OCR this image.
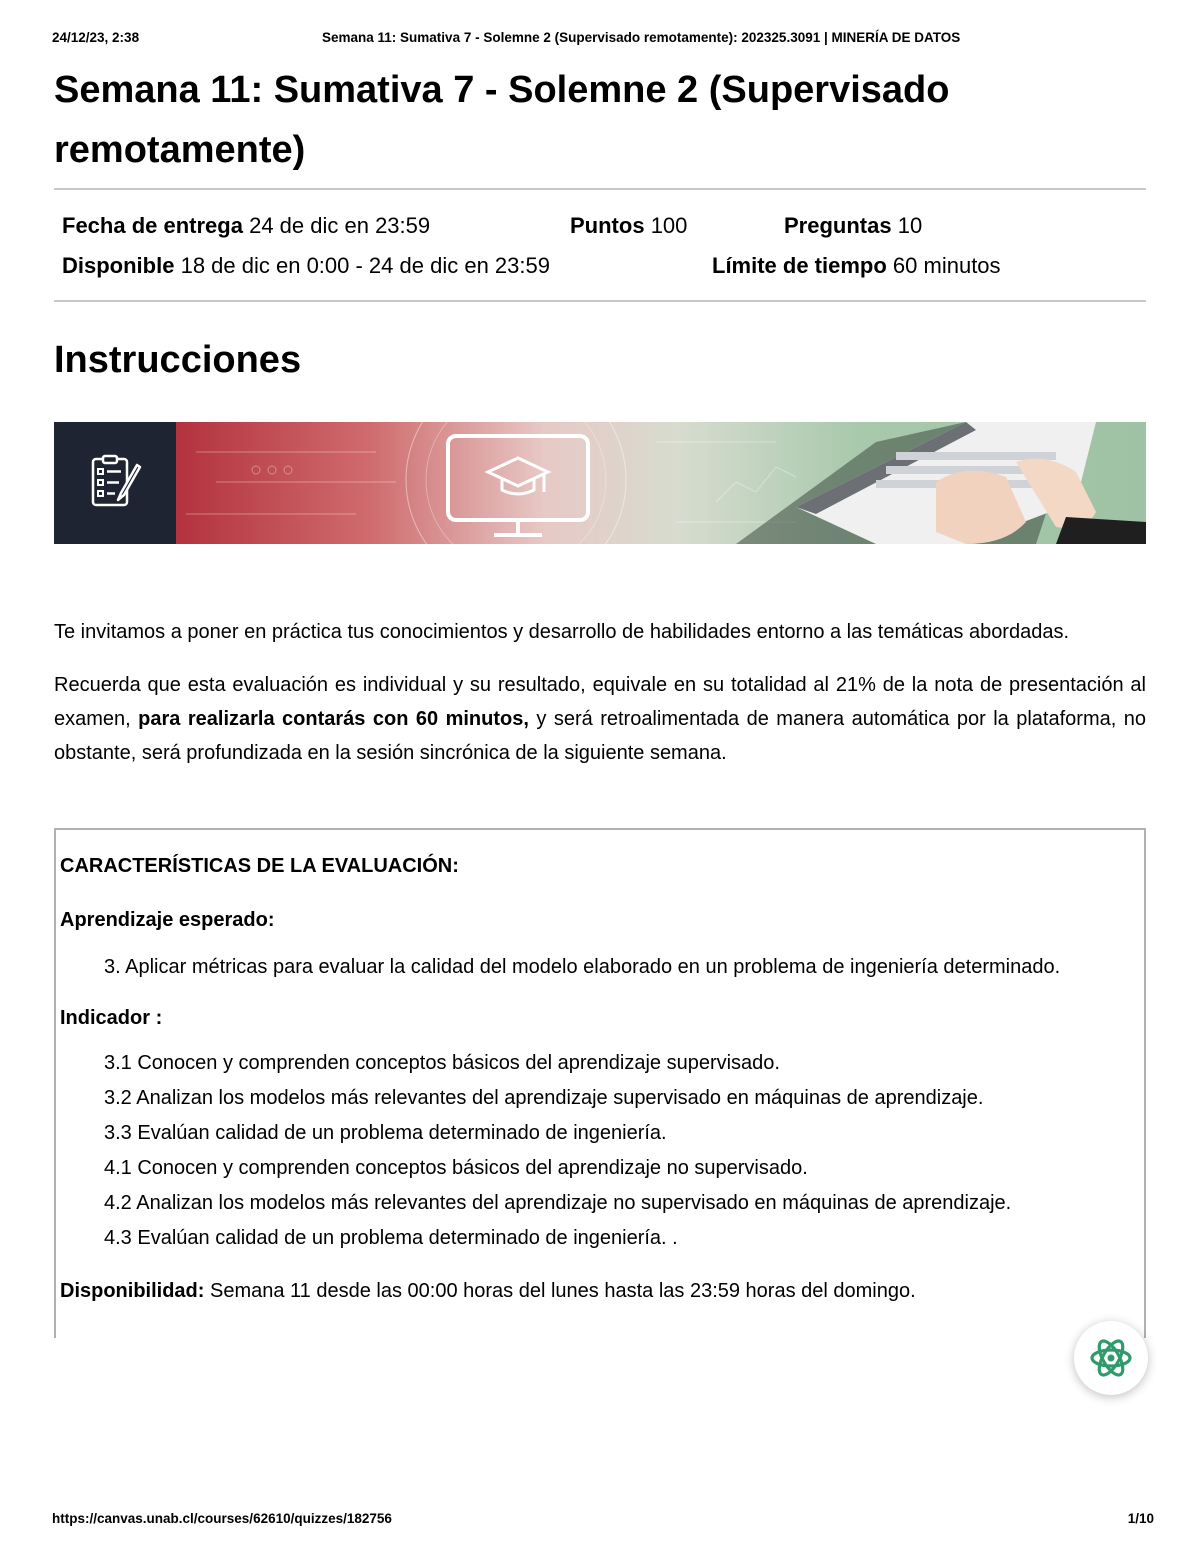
24/12/23, 2:38	Semana 11: Sumativa 7 - Solemne 2 (Supervisado remotamente): 202325.3091 | MINERÍA DE DATOS
Semana 11: Sumativa 7 - Solemne 2 (Supervisado remotamente)
Fecha de entrega 24 de dic en 23:59	Puntos 100	Preguntas 10
Disponible 18 de dic en 0:00 - 24 de dic en 23:59	Límite de tiempo 60 minutos
Instrucciones

Te invitamos a poner en práctica tus conocimientos y desarrollo de habilidades entorno a las temáticas abordadas.

Recuerda que esta evaluación es individual y su resultado, equivale en su totalidad al 21% de la nota de presentación al examen, para realizarla contarás con 60 minutos, y será retroalimentada de manera automática por la plataforma, no obstante, será profundizada en la sesión sincrónica de la siguiente semana.

CARACTERÍSTICAS DE LA EVALUACIÓN:
Aprendizaje esperado:
3. Aplicar métricas para evaluar la calidad del modelo elaborado en un problema de ingeniería determinado.
Indicador :
3.1 Conocen y comprenden conceptos básicos del aprendizaje supervisado.
3.2 Analizan los modelos más relevantes del aprendizaje supervisado en máquinas de aprendizaje.
3.3 Evalúan calidad de un problema determinado de ingeniería.
4.1 Conocen y comprenden conceptos básicos del aprendizaje no supervisado.
4.2 Analizan los modelos más relevantes del aprendizaje no supervisado en máquinas de aprendizaje.
4.3 Evalúan calidad de un problema determinado de ingeniería. .
Disponibilidad: Semana 11 desde las 00:00 horas del lunes hasta las 23:59 horas del domingo.
https://canvas.unab.cl/courses/62610/quizzes/182756	1/10
